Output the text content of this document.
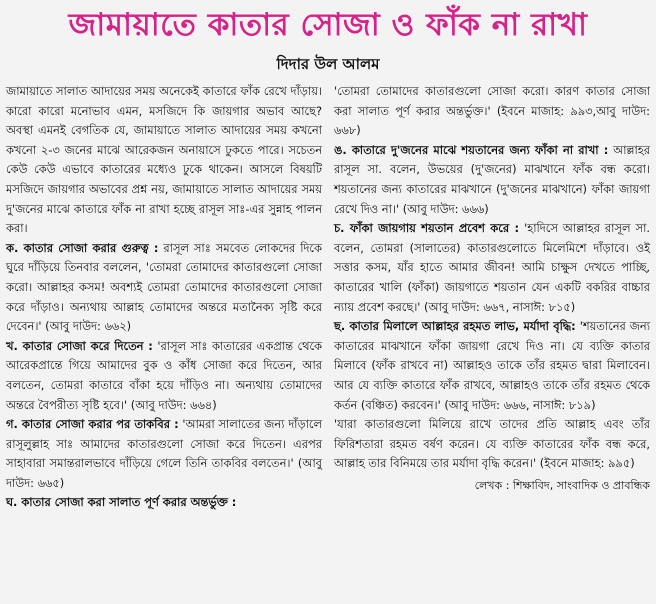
জামায়াতে কাতার সোজা ও ফাঁক না রাখা
দিদার উল আলম

জামায়াতে সালাত আদায়ের সময় অনেকেই কাতারে ফাঁক রেখে দাঁড়ায়। কারো কারো মনোভাব এমন, মসজিদে কি জায়গার অভাব আছে? অবস্থা এমনই বেগতিক যে, জামায়াতে সালাত আদায়ের সময় কখনো কখনো ২-৩ জনের মাঝে আরেকজন অনায়াসে ঢুকতে পারে। সচেতন কেউ কেউ এভাবে কাতারের মধ্যেও ঢুকে থাকেন। আসলে বিষয়টি মসজিদে জায়গার অভাবের প্রশ্ন নয়, জামায়াতে সালাত আদায়ের সময় দু'জনের মাঝে কাতারে ফাঁক না রাখা হচ্ছে রাসূল সাঃ-এর সুন্নাহ পালন করা।

ক. কাতার সোজা করার গুরুত্ব : রাসূল সাঃ সমবেত লোকদের দিকে ঘুরে দাঁড়িয়ে তিনবার বললেন, 'তোমরা তোমাদের কাতারগুলো সোজা করো। আল্লাহর কসম! অবশ্যই তোমরা তোমাদের কাতারগুলো সোজা করে দাঁড়াও। অন্যথায় আল্লাহ তোমাদের অন্তরে মতানৈক্য সৃষ্টি করে দেবেন।' (আবু দাউদ: ৬৬২)

খ. কাতার সোজা করে দিতেন : 'রাসূল সাঃ কাতারের একপ্রান্ত থেকে আরেকপ্রান্তে গিয়ে আমাদের বুক ও কাঁধ সোজা করে দিতেন, আর বলতেন, তোমরা কাতারে বাঁকা হয়ে দাঁড়িও না। অন্যথায় তোমাদের অন্তরে বৈপরীত্য সৃষ্টি হবে।' (আবু দাউদ: ৬৬৪)

গ. কাতার সোজা করার পর তাকবির : 'আমরা সালাতের জন্য দাঁড়ালে রাসূলুল্লাহ সাঃ আমাদের কাতারগুলো সোজা করে দিতেন। এরপর সাহাবারা সমান্তরালভাবে দাঁড়িয়ে গেলে তিনি তাকবির বলতেন।' (আবু দাউদ: ৬৬৫)

ঘ. কাতার সোজা করা সালাত পূর্ণ করার অন্তর্ভুক্ত :

'তোমরা তোমাদের কাতারগুলো সোজা করো। কারণ কাতার সোজা করা সালাত পূর্ণ করার অন্তর্ভুক্ত।' (ইবনে মাজাহ: ৯৯৩,আবু দাউদ: ৬৬৮)

ঙ. কাতারে দু'জনের মাঝে শয়তানের জন্য ফাঁকা না রাখা : আল্লাহর রাসূল সা. বলেন, উভয়ের (দু'জনের) মাঝখানে ফাঁক বন্ধ করো। শয়তানের জন্য কাতারের মাঝখানে (দু'জনের মাঝখানে) ফাঁকা জায়গা রেখে দিও না।' (আবু দাউদ: ৬৬৬)

চ. ফাঁকা জায়গায় শয়তান প্রবেশ করে : 'হাদিসে আল্লাহর রাসূল সা. বলেন, তোমরা (সালাতের) কাতারগুলোতে মিলেমিশে দাঁড়াবে। ওই সত্তার কসম, যাঁর হাতে আমার জীবন! আমি চাক্ষুস দেখতে পাচ্ছি, কাতারের খালি (ফাঁকা) জায়গাতে শয়তান যেন একটি বকরির বাচ্চার ন্যায় প্রবেশ করছে।' (আবু দাউদ: ৬৬৭, নাসাঈ: ৮১৫)

ছ. কাতার মিলালে আল্লাহর রহমত লাভ, মর্যাদা বৃদ্ধি: 'শয়তানের জন্য কাতারের মাঝখানে ফাঁকা জায়গা রেখে দিও না। যে ব্যক্তি কাতার মিলাবে (ফাঁক রাখবে না) আল্লাহও তাকে তাঁর রহমত দ্বারা মিলাবেন। আর যে ব্যক্তি কাতারে ফাঁক রাখবে, আল্লাহও তাকে তাঁর রহমত থেকে কর্তন (বঞ্চিত) করবেন।' (আবু দাউদ: ৬৬৬, নাসাঈ: ৮১৯)

'যারা কাতারগুলো মিলিয়ে রাখে তাদের প্রতি আল্লাহ এবং তাঁর ফিরিশতারা রহমত বর্ষণ করেন। যে ব্যক্তি কাতারের ফাঁক বন্ধ করে, আল্লাহ তার বিনিময়ে তার মর্যাদা বৃদ্ধি করেন।' (ইবনে মাজাহ: ৯৯৫)

লেখক : শিক্ষাবিদ, সাংবাদিক ও প্রাবন্ধিক
